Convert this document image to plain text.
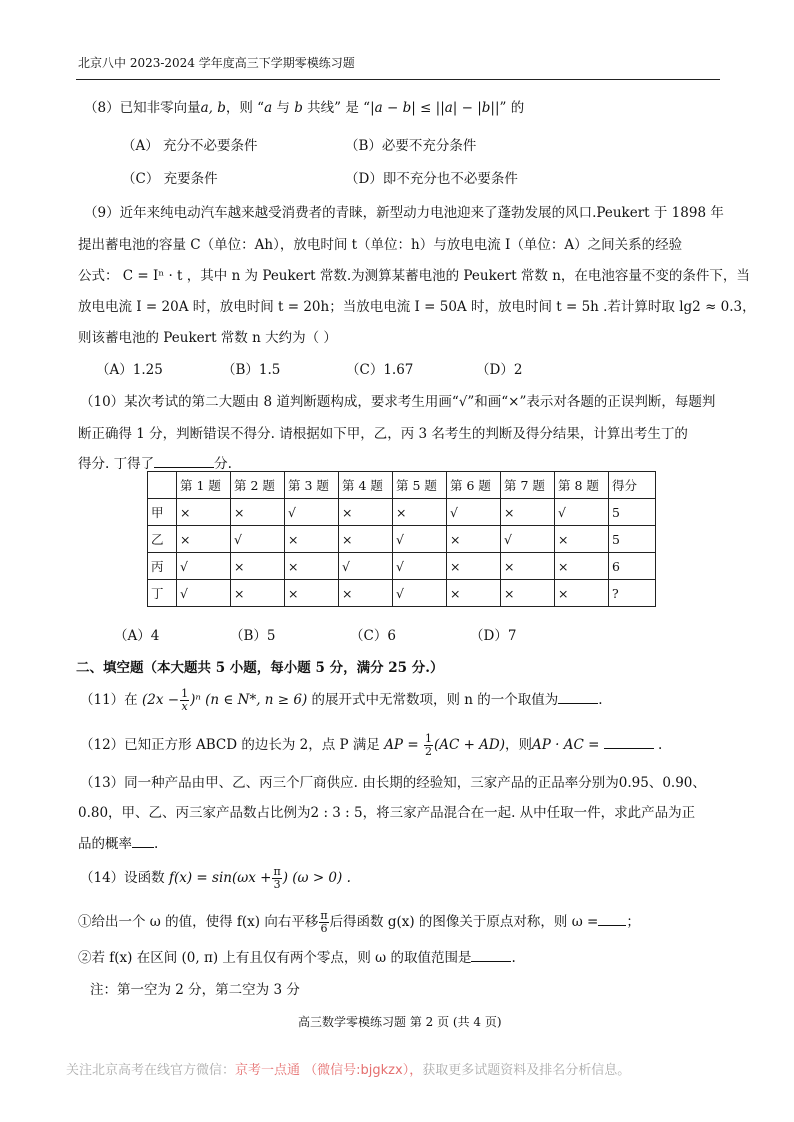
北京八中 2023-2024 学年度高三下学期零模练习题
（8）已知非零向量a, b，则 “a 与 b 共线” 是 “|a − b| ≤ ||a| − |b||” 的
（A） 充分不必要条件	（B）必要不充分条件
（C） 充要条件	（D）即不充分也不必要条件
（9）近年来纯电动汽车越来越受消费者的青睐，新型动力电池迎来了蓬勃发展的风口.Peukert 于 1898 年
提出蓄电池的容量 C（单位：Ah），放电时间 t（单位：h）与放电电流 I（单位：A）之间关系的经验
公式： C = Iⁿ · t ，其中 n 为 Peukert 常数.为测算某蓄电池的 Peukert 常数 n，在电池容量不变的条件下，当
放电电流 I = 20A 时，放电时间 t = 20h；当放电电流 I = 50A 时，放电时间 t = 5h .若计算时取 lg2 ≈ 0.3，
则该蓄电池的 Peukert 常数 n 大约为（ ）
（A）1.25	（B）1.5	（C）1.67	（D）2
（10）某次考试的第二大题由 8 道判断题构成，要求考生用画“√”和画“×”表示对各题的正误判断，每题判
断正确得 1 分，判断错误不得分. 请根据如下甲，乙，丙 3 名考生的判断及得分结果，计算出考生丁的
得分. 丁得了	分.
	第 1 题	第 2 题	第 3 题	第 4 题	第 5 题	第 6 题	第 7 题	第 8 题	得分
甲	×	×	√	×	×	√	×	√	5
乙	×	√	×	×	√	×	√	×	5
丙	√	×	×	√	√	×	×	×	6
丁	√	×	×	×	√	×	×	×	?
（A）4	（B）5	（C）6	（D）7
二、填空题（本大题共 5 小题，每小题 5 分，满分 25 分.）
（11）在 $(2x - \frac{1}{x} )^n$ (n ∈ N*, n ≥ 6) 的展开式中无常数项，则 n 的一个取值为	.
（12）已知正方形 ABCD 的边长为 2，点 P 满足 AP = $\frac{1}{2} (AC + AD)$，则AP · AC =	.
（13）同一种产品由甲、乙、丙三个厂商供应. 由长期的经验知，三家产品的正品率分别为0.95、0.90、
0.80，甲、乙、丙三家产品数占比例为2 : 3 : 5，将三家产品混合在一起. 从中任取一件，求此产品为正
品的概率 .
（14）设函数 $f(x) = \sin(\omega x + \frac{\pi}{3}$ ) (ω > 0) .
①给出一个 ω 的值，使得 f(x) 向右平移 $\frac{\pi}{6}$ 后得函数 g(x) 的图像关于原点对称，则 ω = ；
②若 f(x) 在区间 (0, π) 上有且仅有两个零点，则 ω 的取值范围是	.
注：第一空为 2 分，第二空为 3 分
高三数学零模练习题 第 2 页 (共 4 页)
关注北京高考在线官方微信：京考一点通 （微信号:bjgkzx），获取更多试题资料及排名分析信息。
